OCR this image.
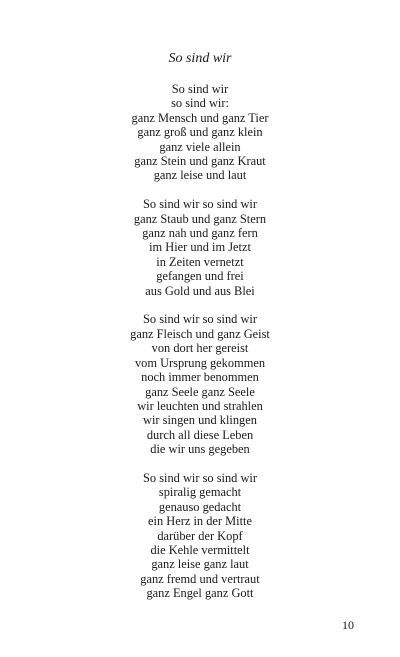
So sind wir
So sind wir
so sind wir:
ganz Mensch und ganz Tier
ganz groß und ganz klein
ganz viele allein
ganz Stein und ganz Kraut
ganz leise und laut
So sind wir so sind wir
ganz Staub und ganz Stern
ganz nah und ganz fern
im Hier und im Jetzt
in Zeiten vernetzt
gefangen und frei
aus Gold und aus Blei
So sind wir so sind wir
ganz Fleisch und ganz Geist
von dort her gereist
vom Ursprung gekommen
noch immer benommen
ganz Seele ganz Seele
wir leuchten und strahlen
wir singen und klingen
durch all diese Leben
die wir uns gegeben
So sind wir so sind wir
spiralig gemacht
genauso gedacht
ein Herz in der Mitte
darüber der Kopf
die Kehle vermittelt
ganz leise ganz laut
ganz fremd und vertraut
ganz Engel ganz Gott
10
